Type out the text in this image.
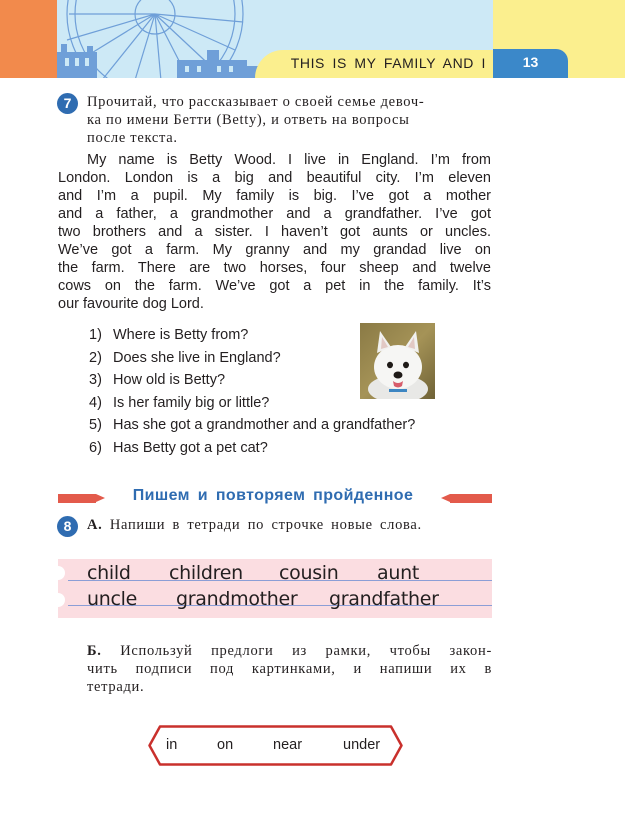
THIS IS MY FAMILY AND I	13
7	Прочитай, что рассказывает о своей семье девоч-
ка по имени Бетти (Betty), и ответь на вопросы
после текста.
My name is Betty Wood. I live in England. I’m from
London. London is a big and beautiful city. I’m eleven
and I’m a pupil. My family is big. I’ve got a mother
and a father, a grandmother and a grandfather. I’ve got
two brothers and a sister. I haven’t got aunts or uncles.
We’ve got a farm. My granny and my grandad live on
the farm. There are two horses, four sheep and twelve
cows on the farm. We’ve got a pet in the family. It’s
our favourite dog Lord.
1) Where is Betty from?
2) Does she live in England?
3) How old is Betty?
4) Is her family big or little?
5) Has she got a grandmother and a grandfather?
6) Has Betty got a pet cat?
Пишем и повторяем пройденное
8	А. Напиши в тетради по строчке новые слова.
child children cousin aunt
uncle grandmother grandfather
Б. Используй предлоги из рамки, чтобы закон-
чить подписи под картинками, и напиши их в
тетради.
in	on	near	under
